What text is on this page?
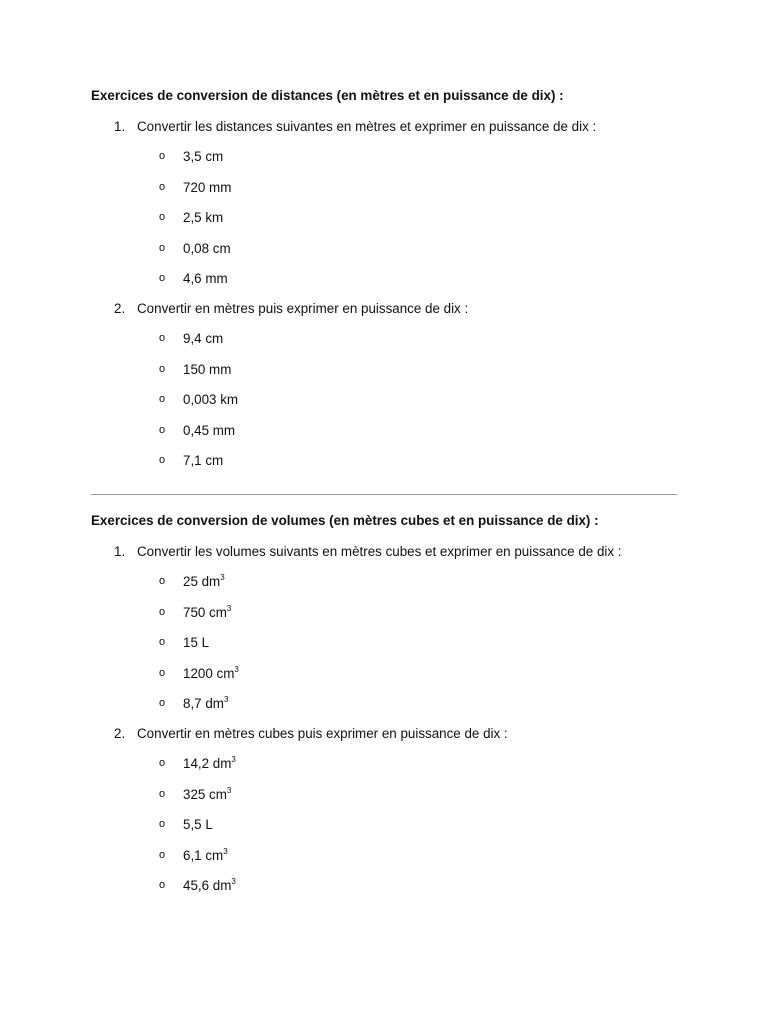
Exercices de conversion de distances (en mètres et en puissance de dix) :

1. Convertir les distances suivantes en mètres et exprimer en puissance de dix :
o 3,5 cm
o 720 mm
o 2,5 km
o 0,08 cm
o 4,6 mm
2. Convertir en mètres puis exprimer en puissance de dix :
o 9,4 cm
o 150 mm
o 0,003 km
o 0,45 mm
o 7,1 cm

Exercices de conversion de volumes (en mètres cubes et en puissance de dix) :

1. Convertir les volumes suivants en mètres cubes et exprimer en puissance de dix :
o 25 $dm^3$
o 750 $cm^3$
o 15 L
o 1200 $cm^3$
o 8,7 $dm^3$
2. Convertir en mètres cubes puis exprimer en puissance de dix :
o 14,2 $dm^3$
o 325 $cm^3$
o 5,5 L
o 6,1 $cm^3$
o 45,6 $dm^3$
